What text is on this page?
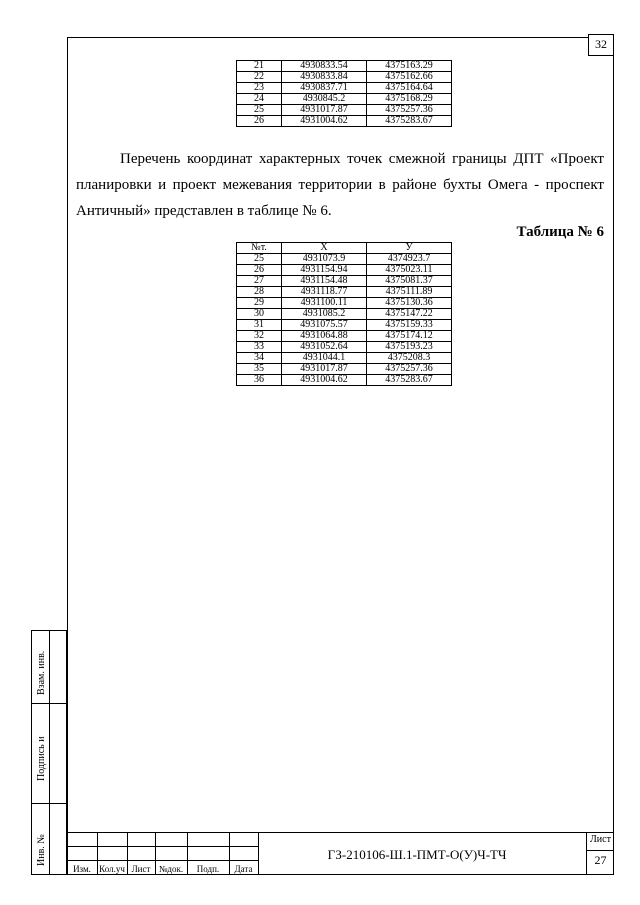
32
21	4930833.54	4375163.29
22	4930833.84	4375162.66
23	4930837.71	4375164.64
24	4930845.2	4375168.29
25	4931017.87	4375257.36
26	4931004.62	4375283.67
Перечень координат характерных точек смежной границы ДПТ «Проект планировки и проект межевания территории в районе бухты Омега - проспект Античный» представлен в таблице № 6.
Таблица № 6
№т.	X	У
25	4931073.9	4374923.7
26	4931154.94	4375023.11
27	4931154.48	4375081.37
28	4931118.77	4375111.89
29	4931100.11	4375130.36
30	4931085.2	4375147.22
31	4931075.57	4375159.33
32	4931064.88	4375174.12
33	4931052.64	4375193.23
34	4931044.1	4375208.3
35	4931017.87	4375257.36
36	4931004.62	4375283.67
Взам. инв.
Подпись и
Инв. №
Изм. Кол.уч Лист №док.	Подп.	Дата
ГЗ-210106-Ш.1-ПМТ-О(У)Ч-ТЧ
Лист
27
